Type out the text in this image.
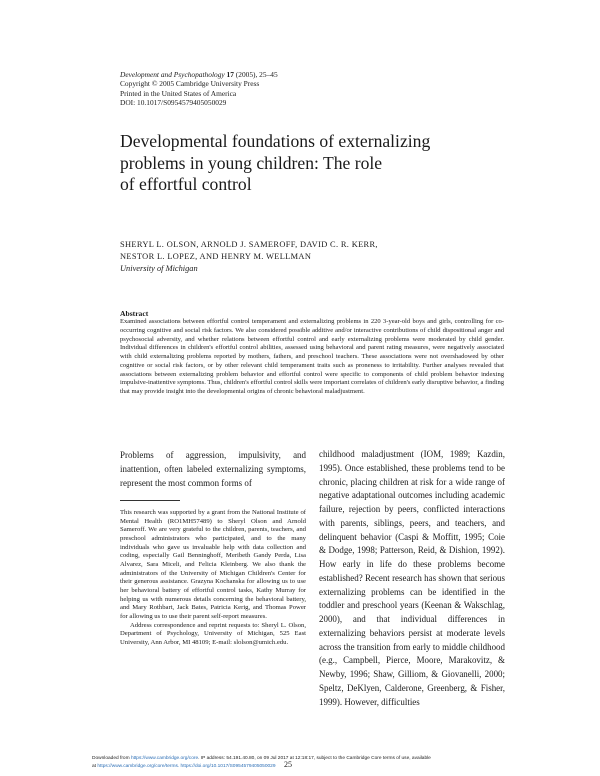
Development and Psychopathology 17 (2005), 25–45
Copyright © 2005 Cambridge University Press
Printed in the United States of America
DOI: 10.1017/S0954579405050029
Developmental foundations of externalizing
problems in young children: The role
of effortful control
SHERYL L. OLSON, ARNOLD J. SAMEROFF, DAVID C. R. KERR,
NESTOR L. LOPEZ, AND HENRY M. WELLMAN
University of Michigan
Abstract
Examined associations between effortful control temperament and externalizing problems in 220 3-year-old boys and girls, controlling for co-occurring cognitive and social risk factors. We also considered possible additive and/or interactive contributions of child dispositional anger and psychosocial adversity, and whether relations between effortful control and early externalizing problems were moderated by child gender. Individual differences in children's effortful control abilities, assessed using behavioral and parent rating measures, were negatively associated with child externalizing problems reported by mothers, fathers, and preschool teachers. These associations were not overshadowed by other cognitive or social risk factors, or by other relevant child temperament traits such as proneness to irritability. Further analyses revealed that associations between externalizing problem behavior and effortful control were specific to components of child problem behavior indexing impulsive-inattentive symptoms. Thus, children's effortful control skills were important correlates of children's early disruptive behavior, a finding that may provide insight into the developmental origins of chronic behavioral maladjustment.
Problems of aggression, impulsivity, and inattention, often labeled externalizing symptoms, represent the most common forms of
childhood maladjustment (IOM, 1989; Kazdin, 1995). Once established, these problems tend to be chronic, placing children at risk for a wide range of negative adaptational outcomes including academic failure, rejection by peers, conflicted interactions with parents, siblings, peers, and teachers, and delinquent behavior (Caspi & Moffitt, 1995; Coie & Dodge, 1998; Patterson, Reid, & Dishion, 1992). How early in life do these problems become established? Recent research has shown that serious externalizing problems can be identified in the toddler and preschool years (Keenan & Wakschlag, 2000), and that individual differences in externalizing behaviors persist at moderate levels across the transition from early to middle childhood (e.g., Campbell, Pierce, Moore, Marakovitz, & Newby, 1996; Shaw, Gilliom, & Giovanelli, 2000; Speltz, DeKlyen, Calderone, Greenberg, & Fisher, 1999). However, difficulties

This research was supported by a grant from the National Institute of Mental Health (RO1MH57489) to Sheryl Olson and Arnold Sameroff. We are very grateful to the children, parents, teachers, and preschool administrators who participated, and to the many individuals who gave us invaluable help with data collection and coding, especially Gail Benninghoff, Meribeth Gandy Perda, Lisa Alvarez, Sara Miceli, and Felicia Kleinberg. We also thank the administrators of the University of Michigan Children's Center for their generous assistance. Grazyna Kochanska for allowing us to use her behavioral battery of effortful control tasks, Kathy Murray for helping us with numerous details concerning the behavioral battery, and Mary Rothbart, Jack Bates, Patricia Kerig, and Thomas Power for allowing us to use their parent self-report measures.

Address correspondence and reprint requests to: Sheryl L. Olson, Department of Psychology, University of Michigan, 525 East University, Ann Arbor, MI 48109; E-mail: slolson@umich.edu.

25
Downloaded from https://www.cambridge.org/core. IP address: 54.191.40.80, on 09 Jul 2017 at 12:18:17, subject to the Cambridge Core terms of use, available
at https://www.cambridge.org/core/terms. https://doi.org/10.1017/S0954579405050029
